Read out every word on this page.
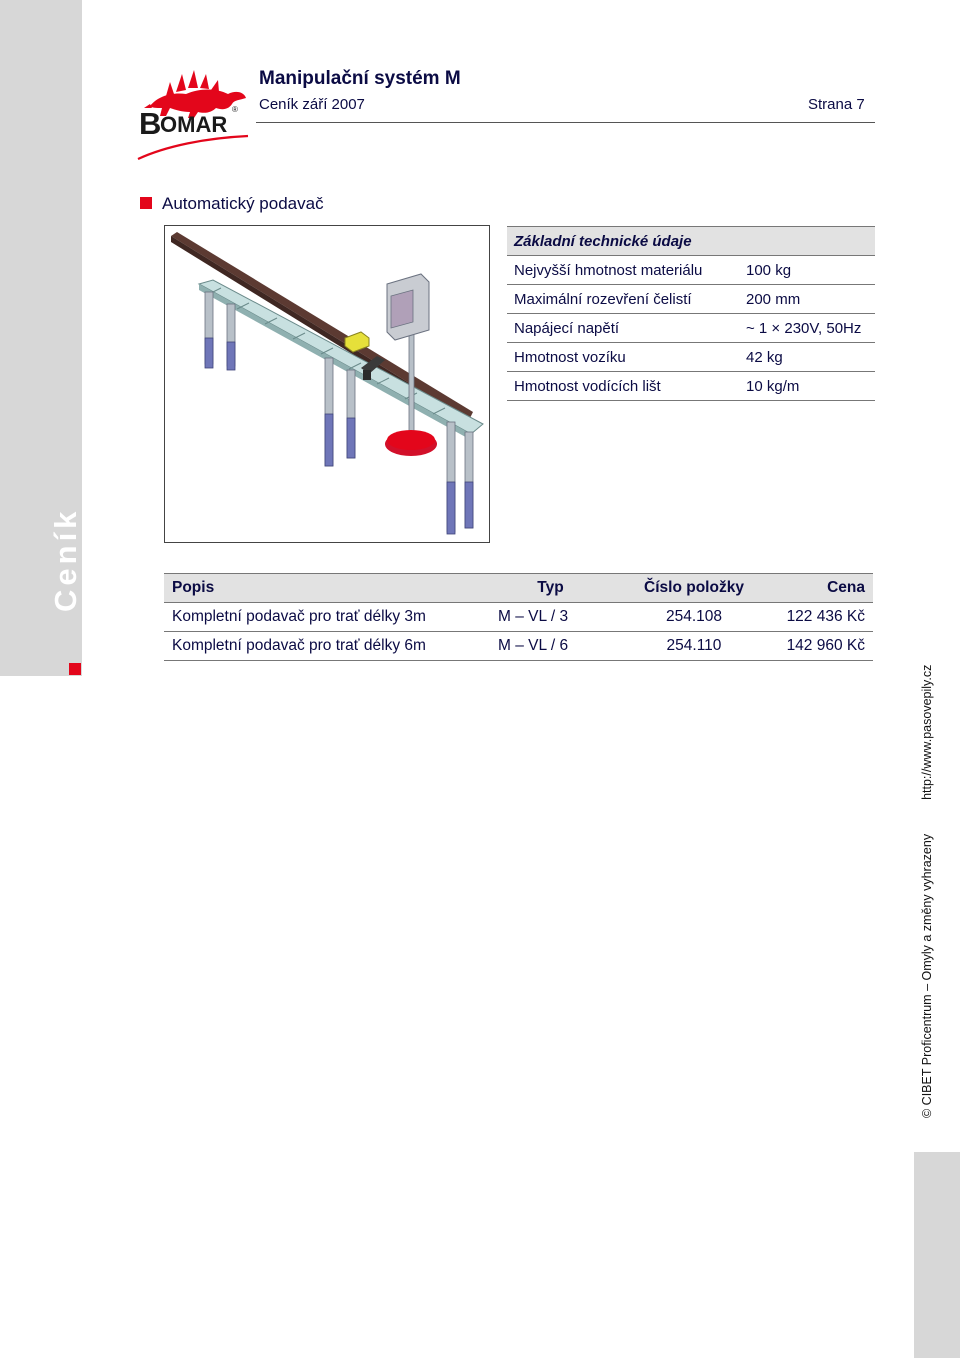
Ceník
© CIBET Proficentrum – Omyly a změny vyhrazenyhttp://www.pasovepily.cz
B
OMAR
®
Manipulační systém M
Ceník září 2007	Strana 7
Automatický podavač
Základní technické údaje	
Nejvyšší hmotnost materiálu	100 kg
Maximální rozevření čelistí	200 mm
Napájecí napětí	~ 1 × 230V, 50Hz
Hmotnost vozíku	42 kg
Hmotnost vodících lišt	10 kg/m
Popis	Typ	Číslo položky	Cena
Kompletní podavač pro trať délky 3m	M – VL / 3	254.108	122 436 Kč
Kompletní podavač pro trať délky 6m	M – VL / 6	254.110	142 960 Kč
